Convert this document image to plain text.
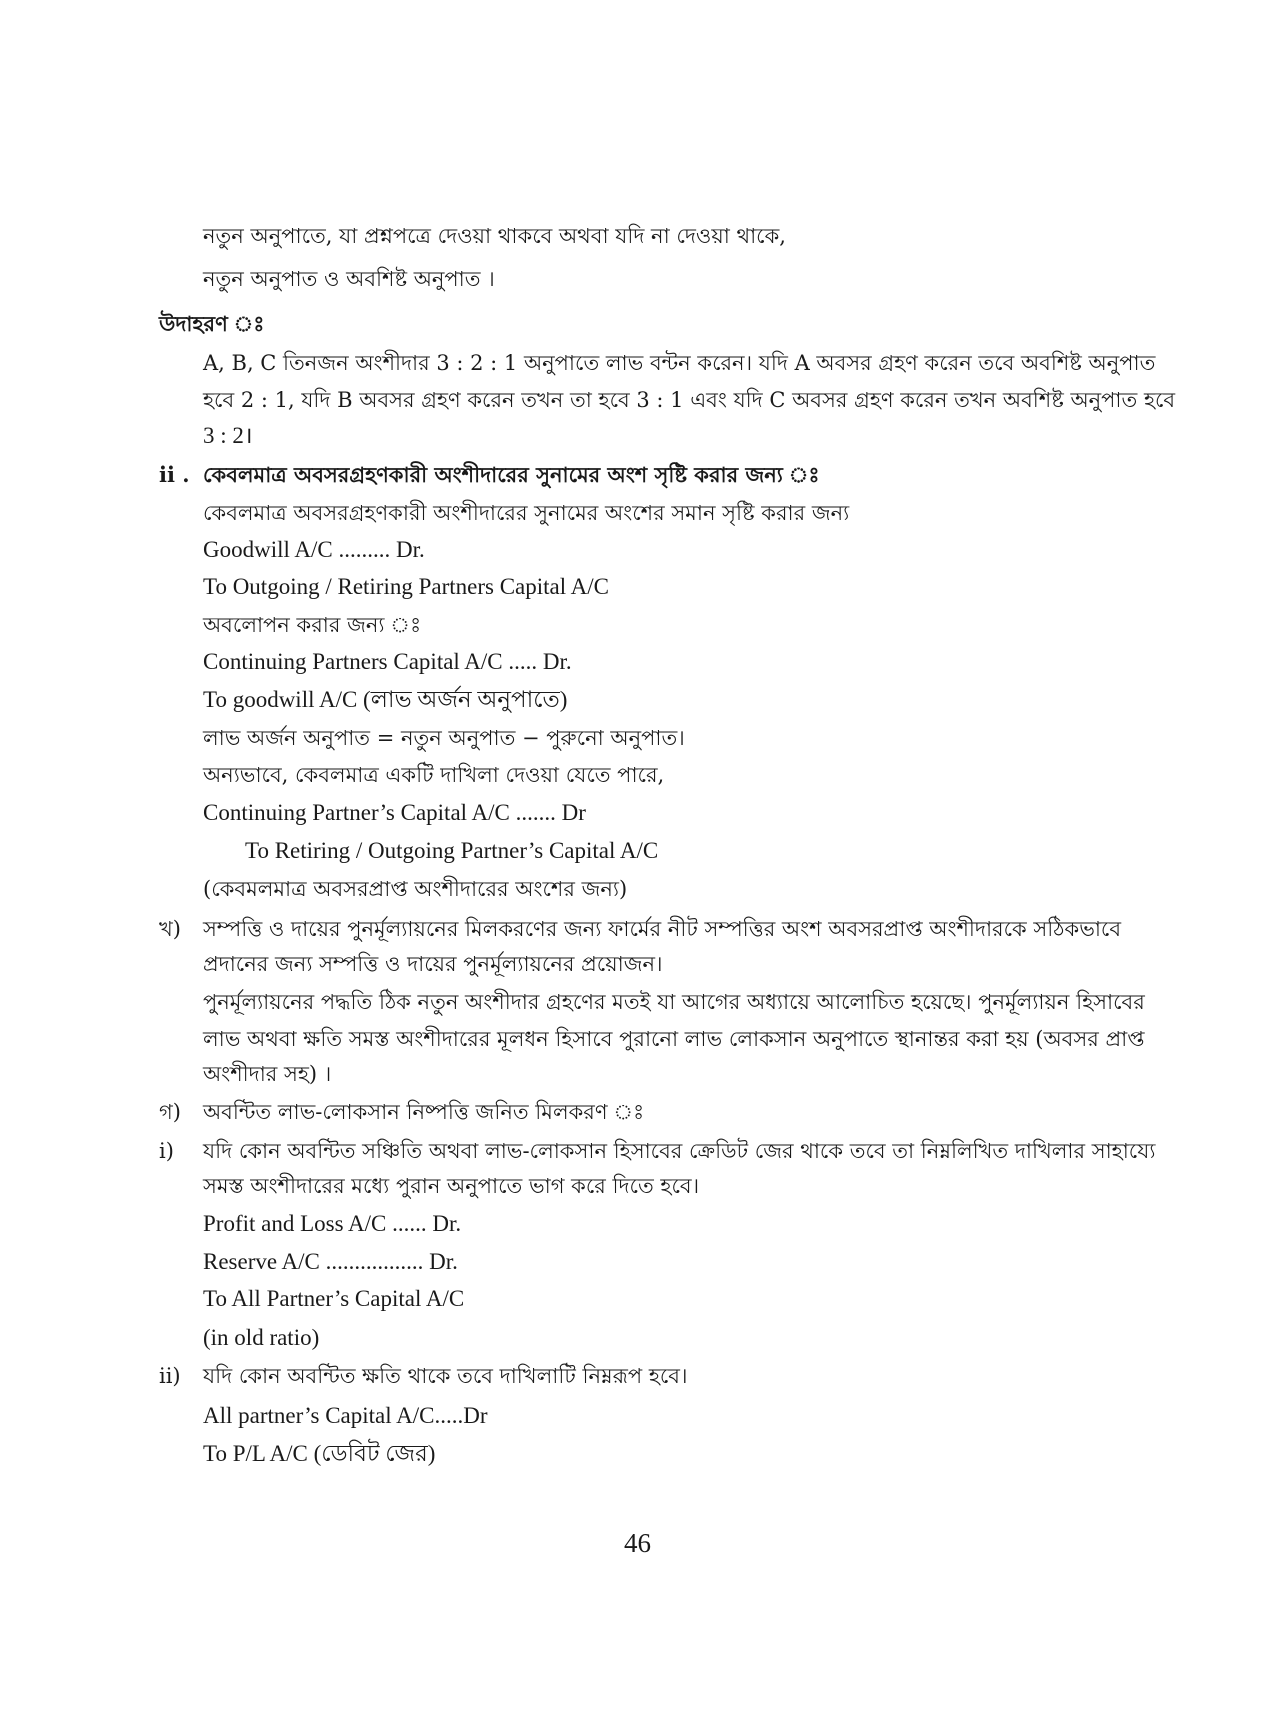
নতুন অনুপাতে, যা প্রশ্নপত্রে দেওয়া থাকবে অথবা যদি না দেওয়া থাকে,
নতুন অনুপাত ও অবশিষ্ট অনুপাত ।
উদাহরণ ঃ
A, B, C তিনজন অংশীদার 3 : 2 : 1 অনুপাতে লাভ বন্টন করেন। যদি A অবসর গ্রহণ করেন তবে অবশিষ্ট অনুপাত
হবে 2 : 1, যদি B অবসর গ্রহণ করেন তখন তা হবে 3 : 1 এবং যদি C অবসর গ্রহণ করেন তখন অবশিষ্ট অনুপাত হবে
3 : 2।
ii . কেবলমাত্র অবসরগ্রহণকারী অংশীদারের সুনামের অংশ সৃষ্টি করার জন্য ঃ
কেবলমাত্র অবসরগ্রহণকারী অংশীদারের সুনামের অংশের সমান সৃষ্টি করার জন্য
Goodwill A/C ......... Dr.
To Outgoing / Retiring Partners Capital A/C
অবলোপন করার জন্য ঃ
Continuing Partners Capital A/C ..... Dr.
To goodwill A/C (লাভ অর্জন অনুপাতে)
লাভ অর্জন অনুপাত = নতুন অনুপাত − পুরুনো অনুপাত।
অন্যভাবে, কেবলমাত্র একটি দাখিলা দেওয়া যেতে পারে,
Continuing Partner’s Capital A/C ....... Dr
To Retiring / Outgoing Partner’s Capital A/C
(কেবমলমাত্র অবসরপ্রাপ্ত অংশীদারের অংশের জন্য)
খ) সম্পত্তি ও দায়ের পুনর্মূল্যায়নের মিলকরণের জন্য ফার্মের নীট সম্পত্তির অংশ অবসরপ্রাপ্ত অংশীদারকে সঠিকভাবে
প্রদানের জন্য সম্পত্তি ও দায়ের পুনর্মূল্যায়নের প্রয়োজন।
পুনর্মূল্যায়নের পদ্ধতি ঠিক নতুন অংশীদার গ্রহণের মতই যা আগের অধ্যায়ে আলোচিত হয়েছে। পুনর্মূল্যায়ন হিসাবের
লাভ অথবা ক্ষতি সমস্ত অংশীদারের মূলধন হিসাবে পুরানো লাভ লোকসান অনুপাতে স্থানান্তর করা হয় (অবসর প্রাপ্ত
অংশীদার সহ) ।
গ) অবন্টিত লাভ-লোকসান নিষ্পত্তি জনিত মিলকরণ ঃ
i) যদি কোন অবন্টিত সঞ্চিতি অথবা লাভ-লোকসান হিসাবের ক্রেডিট জের থাকে তবে তা নিম্নলিখিত দাখিলার সাহায্যে
সমস্ত অংশীদারের মধ্যে পুরান অনুপাতে ভাগ করে দিতে হবে।
Profit and Loss A/C ...... Dr.
Reserve A/C ................. Dr.
To All Partner’s Capital A/C
(in old ratio)
ii) যদি কোন অবন্টিত ক্ষতি থাকে তবে দাখিলাটি নিম্নরূপ হবে।
All partner’s Capital A/C.....Dr
To P/L A/C (ডেবিট জের)
46
